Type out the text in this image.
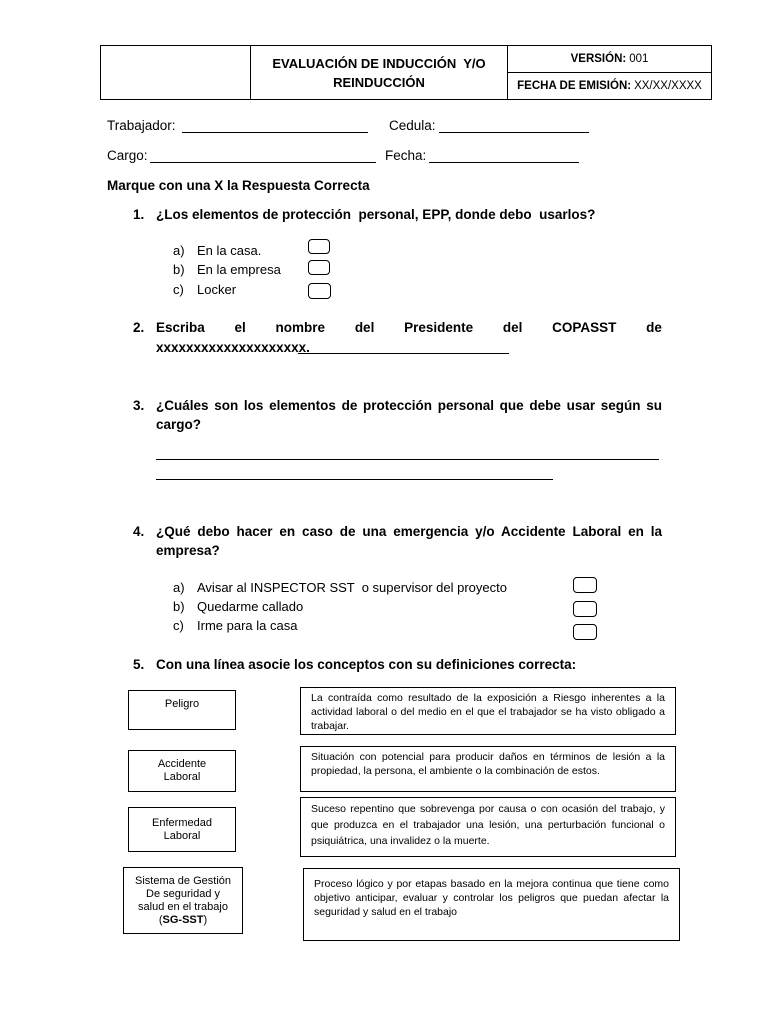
EVALUACIÓN DE INDUCCIÓN  Y/O
REINDUCCIÓN
VERSIÓN: 001
FECHA DE EMISIÓN: XX/XX/XXXX
Trabajador:	Cedula:
Cargo:	Fecha:
Marque con una X la Respuesta Correcta
1. ¿Los elementos de protección  personal, EPP, donde debo  usarlos?
a) En la casa.
b) En la empresa
c) Locker
2. Escriba el nombre del Presidente del COPASST de
xxxxxxxxxxxxxxxxxxxx.
3. ¿Cuáles son los elementos de protección personal que debe usar según su
cargo?
4. ¿Qué debo hacer en caso de una emergencia y/o Accidente Laboral en la
empresa?
a) Avisar al INSPECTOR SST  o supervisor del proyecto
b) Quedarme callado
c) Irme para la casa
5. Con una línea asocie los conceptos con su definiciones correcta:
Peligro
Accidente
Laboral
Enfermedad
Laboral
Sistema de Gestión
De seguridad y
salud en el trabajo
(SG-SST)
La contraída como resultado de la exposición a Riesgo inherentes a la actividad laboral o del medio en el que el trabajador se ha visto obligado a trabajar.
Situación con potencial para producir daños en términos de lesión a la propiedad, la persona, el ambiente o la combinación de estos.
Suceso repentino que sobrevenga por causa o con ocasión del trabajo, y que produzca en el trabajador una lesión, una perturbación funcional o psiquiátrica, una invalidez o la muerte.
Proceso lógico y por etapas basado en la mejora continua que tiene como objetivo anticipar, evaluar y controlar los peligros que puedan afectar la seguridad y salud en el trabajo
